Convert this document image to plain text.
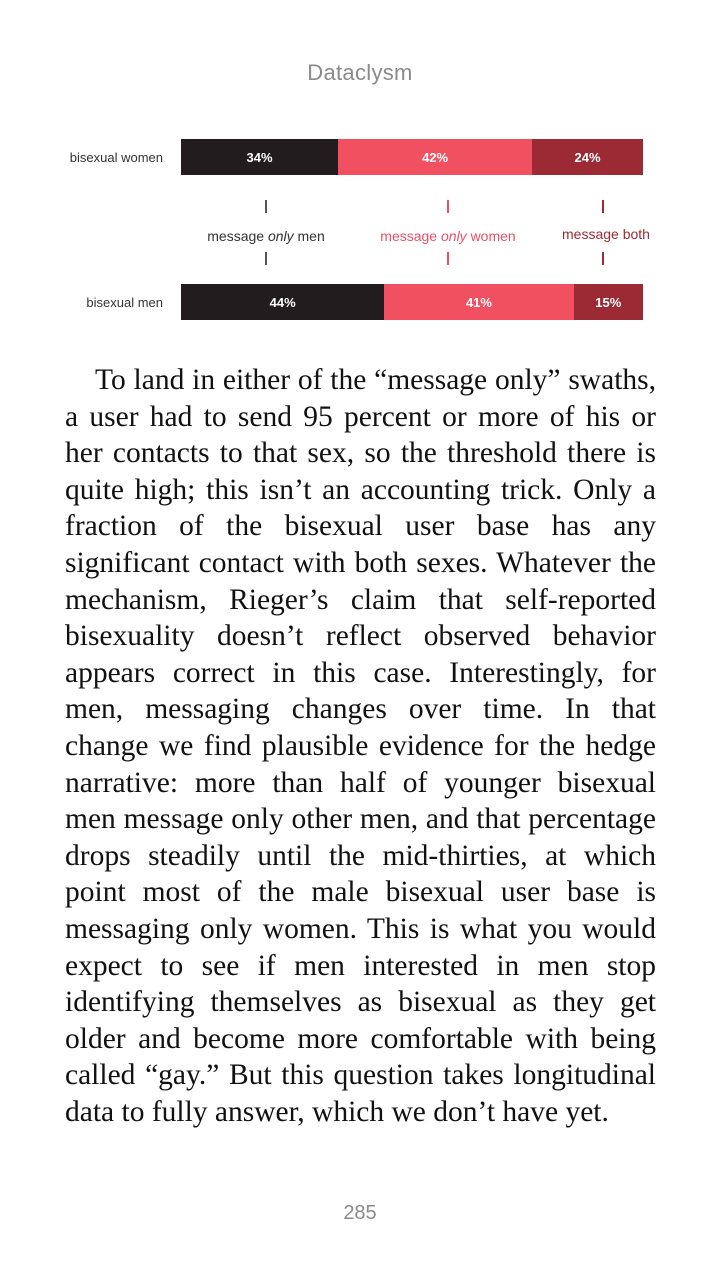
Dataclysm
bisexual women	34%	42%	24%
message only men	message only women	message both
bisexual men	44%	41%	15%

To land in either of the “message only” swaths, a user had to send 95 percent or more of his or her contacts to that sex, so the threshold there is quite high; this isn’t an accounting trick. Only a fraction of the bisexual user base has any significant contact with both sexes. Whatever the mechanism, Rieger’s claim that self-reported bisexuality doesn’t reflect observed behavior appears correct in this case. Interestingly, for men, messaging changes over time. In that change we find plausible evidence for the hedge narrative: more than half of younger bisexual men message only other men, and that percentage drops steadily until the mid-thirties, at which point most of the male bisexual user base is messaging only women. This is what you would expect to see if men interested in men stop identifying themselves as bisexual as they get older and become more comfortable with being called “gay.” But this question takes longitudinal data to fully answer, which we don’t have yet.

285
